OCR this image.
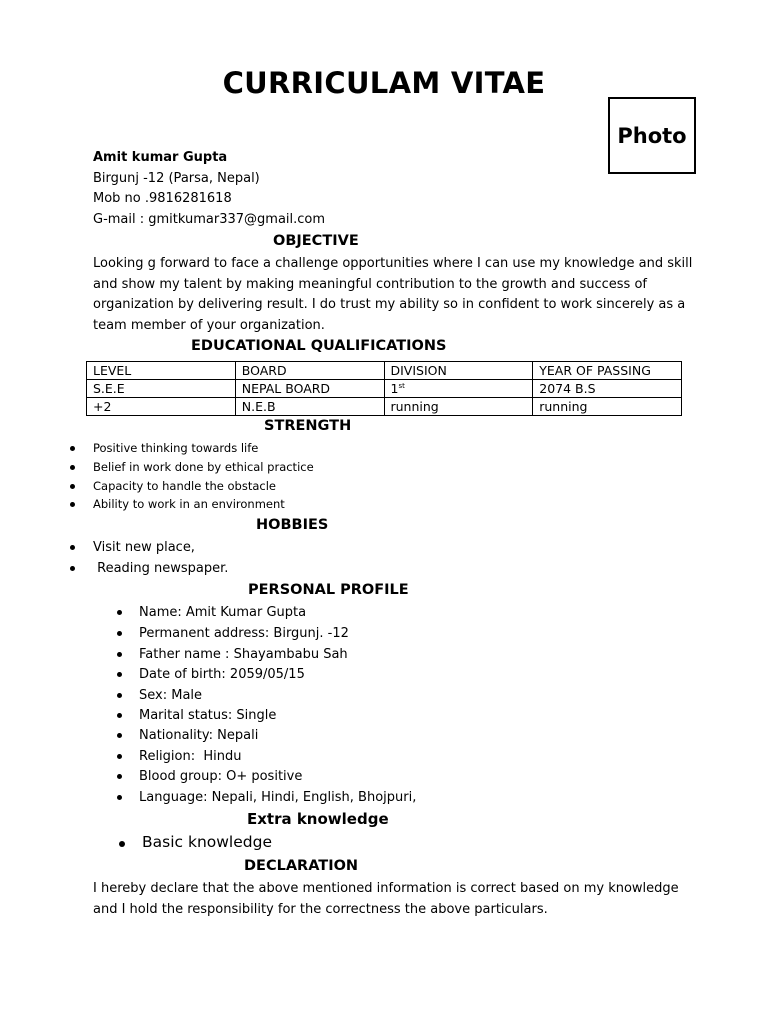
CURRICULAM VITAE
Photo
Amit kumar Gupta
Birgunj -12 (Parsa, Nepal)
Mob no .9816281618
G-mail : gmitkumar337@gmail.com
OBJECTIVE
Looking g forward to face a challenge opportunities where I can use my knowledge and skill
and show my talent by making meaningful contribution to the growth and success of
organization by delivering result. I do trust my ability so in confident to work sincerely as a
team member of your organization.
EDUCATIONAL QUALIFICATIONS
LEVEL	BOARD	DIVISION	YEAR OF PASSING
S.E.E	NEPAL BOARD	1st	2074 B.S
+2	N.E.B	running	running
STRENGTH
Positive thinking towards life
Belief in work done by ethical practice
Capacity to handle the obstacle
Ability to work in an environment
HOBBIES
Visit new place,
Reading newspaper.
PERSONAL PROFILE
Name: Amit Kumar Gupta
Permanent address: Birgunj. -12
Father name : Shayambabu Sah
Date of birth: 2059/05/15
Sex: Male
Marital status: Single
Nationality: Nepali
Religion:  Hindu
Blood group: O+ positive
Language: Nepali, Hindi, English, Bhojpuri,
Extra knowledge
Basic knowledge
DECLARATION
I hereby declare that the above mentioned information is correct based on my knowledge
and I hold the responsibility for the correctness the above particulars.
